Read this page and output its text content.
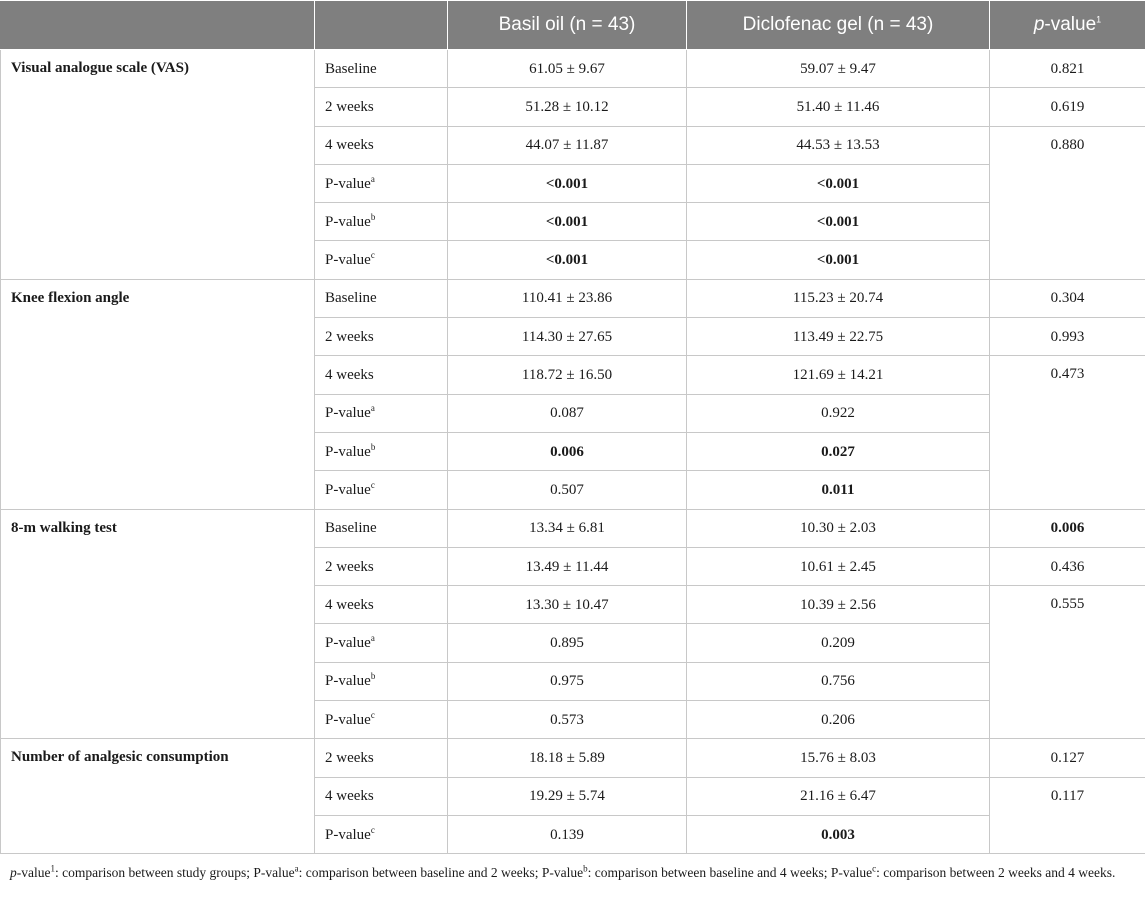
		Basil oil (n = 43)	Diclofenac gel (n = 43)	p-value$^1$
Visual analogue scale (VAS)	Baseline	61.05 ± 9.67	59.07 ± 9.47	0.821
	2 weeks	51.28 ± 10.12	51.40 ± 11.46	0.619
	4 weeks	44.07 ± 11.87	44.53 ± 13.53	0.880
	P-value$^a$	<0.001	<0.001	
	P-value$^b$	<0.001	<0.001	
	P-value$^c$	<0.001	<0.001	
Knee flexion angle	Baseline	110.41 ± 23.86	115.23 ± 20.74	0.304
	2 weeks	114.30 ± 27.65	113.49 ± 22.75	0.993
	4 weeks	118.72 ± 16.50	121.69 ± 14.21	0.473
	P-value$^a$	0.087	0.922	
	P-value$^b$	0.006	0.027	
	P-value$^c$	0.507	0.011	
8-m walking test	Baseline	13.34 ± 6.81	10.30 ± 2.03	0.006
	2 weeks	13.49 ± 11.44	10.61 ± 2.45	0.436
	4 weeks	13.30 ± 10.47	10.39 ± 2.56	0.555
	P-value$^a$	0.895	0.209	
	P-value$^b$	0.975	0.756	
	P-value$^c$	0.573	0.206	
Number of analgesic consumption	2 weeks	18.18 ± 5.89	15.76 ± 8.03	0.127
	4 weeks	19.29 ± 5.74	21.16 ± 6.47	0.117
	P-value$^c$	0.139	0.003	
p-value$^1$: comparison between study groups; P-value$^a$: comparison between baseline and 2 weeks; P-value$^b$: comparison between baseline and 4 weeks; P-value$^c$: comparison between 2 weeks and 4 weeks.
